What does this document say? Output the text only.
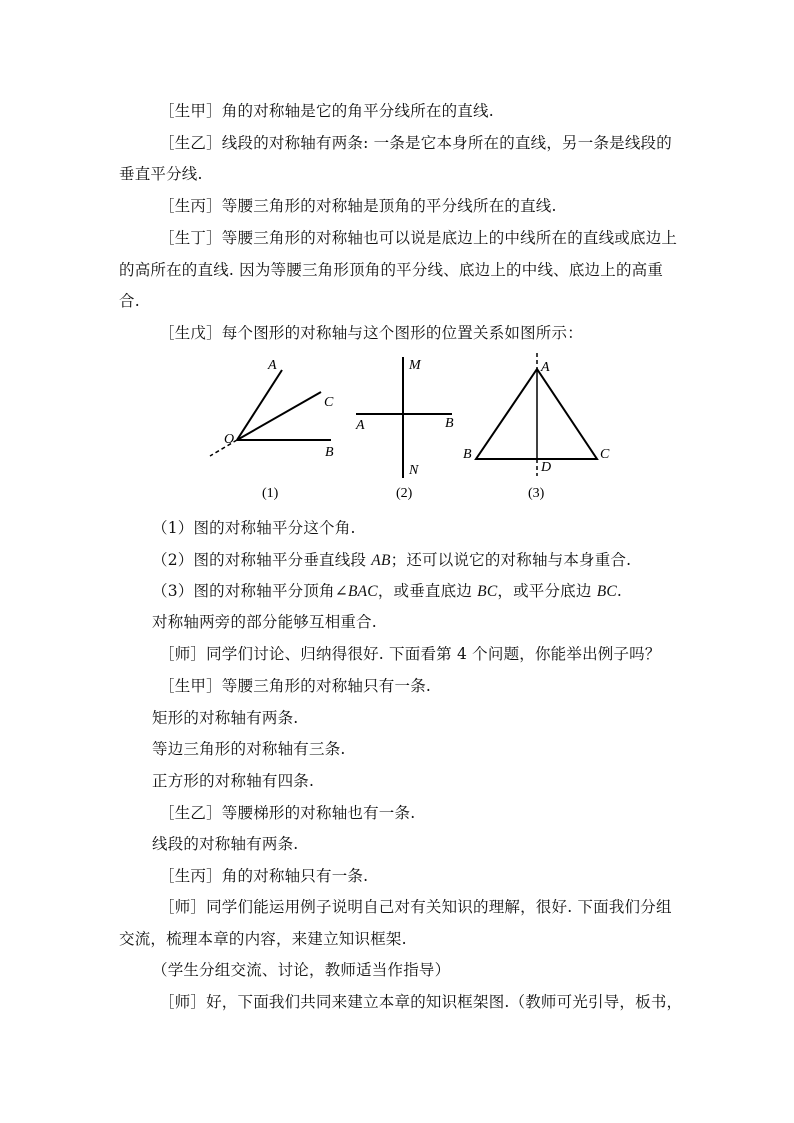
［生甲］角的对称轴是它的角平分线所在的直线.
［生乙］线段的对称轴有两条: 一条是它本身所在的直线，另一条是线段的
垂直平分线.
［生丙］等腰三角形的对称轴是顶角的平分线所在的直线.
［生丁］等腰三角形的对称轴也可以说是底边上的中线所在的直线或底边上
的高所在的直线. 因为等腰三角形顶角的平分线、底边上的中线、底边上的高重
合.
［生戊］每个图形的对称轴与这个图形的位置关系如图所示：
A
C
O
B
(1)
M
A	B
N
(2)
A
B	C
D
(3)
（1）图的对称轴平分这个角.
（2）图的对称轴平分垂直线段 AB；还可以说它的对称轴与本身重合.
（3）图的对称轴平分顶角∠BAC，或垂直底边 BC，或平分底边 BC.
对称轴两旁的部分能够互相重合.
［师］同学们讨论、归纳得很好. 下面看第 4 个问题，你能举出例子吗？
［生甲］等腰三角形的对称轴只有一条.
矩形的对称轴有两条.
等边三角形的对称轴有三条.
正方形的对称轴有四条.
［生乙］等腰梯形的对称轴也有一条.
线段的对称轴有两条.
［生丙］角的对称轴只有一条.
［师］同学们能运用例子说明自己对有关知识的理解，很好. 下面我们分组
交流，梳理本章的内容，来建立知识框架.
（学生分组交流、讨论，教师适当作指导）
［师］好，下面我们共同来建立本章的知识框架图.（教师可光引导，板书，
